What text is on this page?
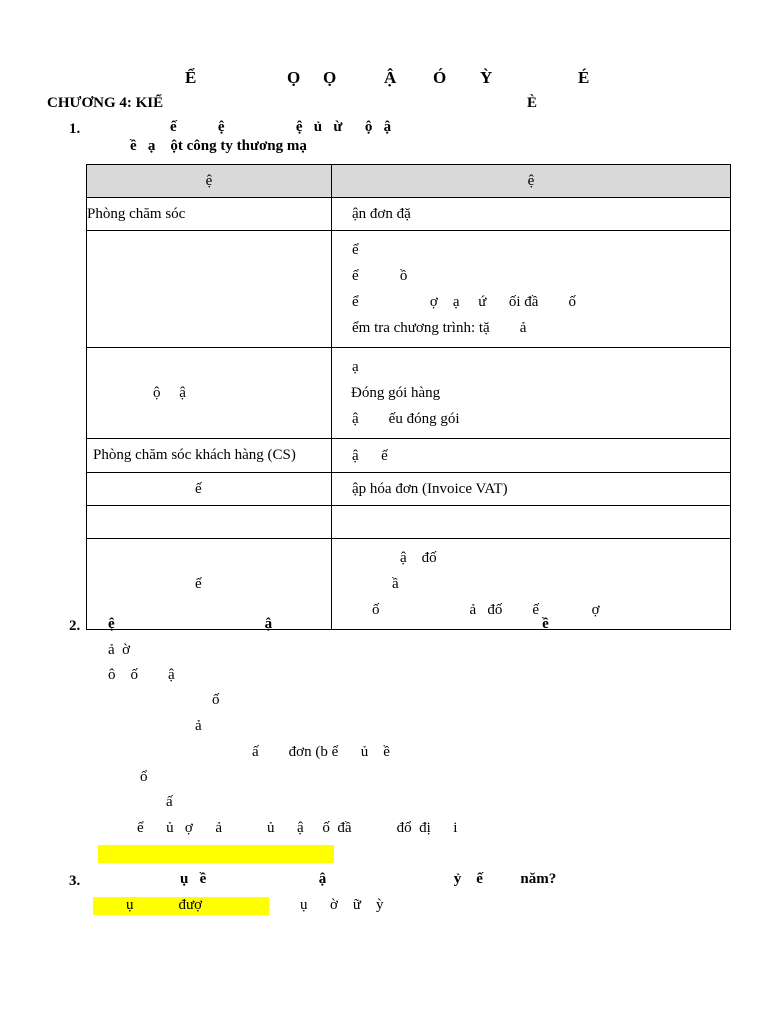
Ể

	Ọ

Ọ

	Ậ

Ó

Ỳ

	É

CHƯƠNG 4: KIỂ	È
1.	ế           ệ                   ệ   ủ   ừ      ộ   ậ
ề   ạ    ột công ty thương mạ
ệ	ệ
Phòng chăm sóc	ận đơn đặ

	ể
ể           ồ
ể                   ợ    ạ     ứ      ối đầ        ố
ểm tra chương trình: tặ        ả

ộ     ậ	ạ
Đóng gói hàng
ậ        ếu đóng gói

Phòng chăm sóc khách hàng (CS)	ậ      ế

ế	ập hóa đơn (Invoice VAT)

ế	ậ    đố
ầ
ố                        ả   đố        ế              ợ
2. ệ                                        ậ                                                                        ề
ả  ờ
ô    ố        ậ
ố
ả
ấ        đơn (b ể      ủ    ề
ổ
ấ
ể      ủ   ợ      ả            ủ      ậ     ố  đầ            đổ  đị      i
3.	ụ   ề                              ậ                                  ỷ    ế          năm?
ụ            đượ	ụ      ờ    ữ    ỳ
